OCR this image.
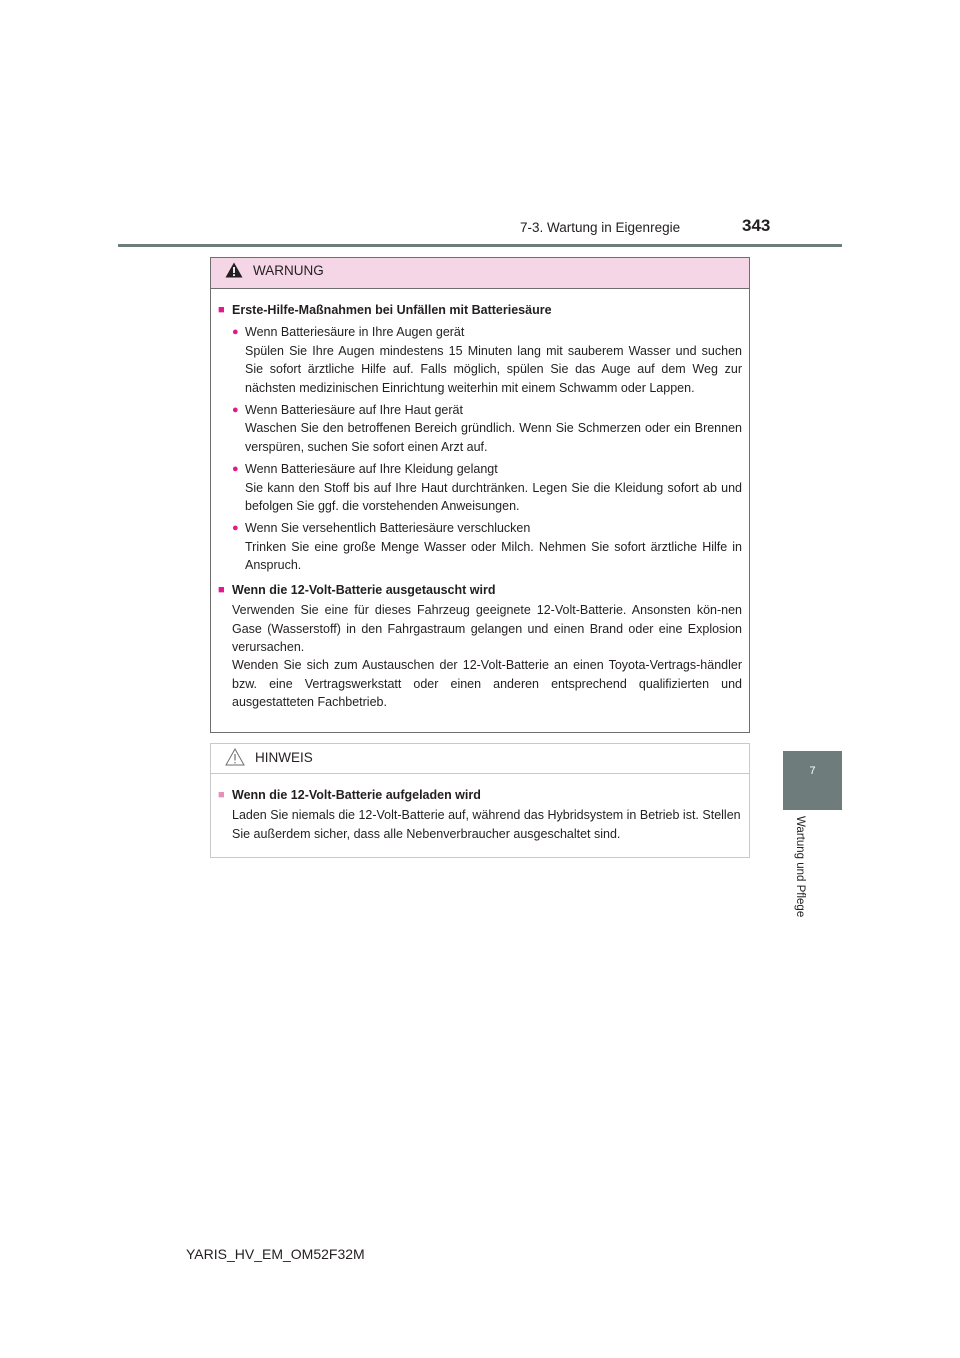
7-3. Wartung in Eigenregie	343
7
Wartung und Pflege
WARNUNG
■ Erste-Hilfe-Maßnahmen bei Unfällen mit Batteriesäure
● Wenn Batteriesäure in Ihre Augen gerät

Spülen Sie Ihre Augen mindestens 15 Minuten lang mit sauberem Wasser und suchen Sie sofort ärztliche Hilfe auf. Falls möglich, spülen Sie das Auge auf dem Weg zur nächsten medizinischen Einrichtung weiterhin mit einem Schwamm oder Lappen.

● Wenn Batteriesäure auf Ihre Haut gerät

Waschen Sie den betroffenen Bereich gründlich. Wenn Sie Schmerzen oder ein Brennen verspüren, suchen Sie sofort einen Arzt auf.

● Wenn Batteriesäure auf Ihre Kleidung gelangt

Sie kann den Stoff bis auf Ihre Haut durchtränken. Legen Sie die Kleidung sofort ab und befolgen Sie ggf. die vorstehenden Anweisungen.

● Wenn Sie versehentlich Batteriesäure verschlucken

Trinken Sie eine große Menge Wasser oder Milch. Nehmen Sie sofort ärztliche Hilfe in Anspruch.

■ Wenn die 12-Volt-Batterie ausgetauscht wird

Verwenden Sie eine für dieses Fahrzeug geeignete 12-Volt-Batterie. Ansonsten kön-nen Gase (Wasserstoff) in den Fahrgastraum gelangen und einen Brand oder eine Explosion verursachen.

Wenden Sie sich zum Austauschen der 12-Volt-Batterie an einen Toyota-Vertrags-händler bzw. eine Vertragswerkstatt oder einen anderen entsprechend qualifizierten und ausgestatteten Fachbetrieb.

HINWEIS
■ Wenn die 12-Volt-Batterie aufgeladen wird

Laden Sie niemals die 12-Volt-Batterie auf, während das Hybridsystem in Betrieb ist. Stellen Sie außerdem sicher, dass alle Nebenverbraucher ausgeschaltet sind.

YARIS_HV_EM_OM52F32M
